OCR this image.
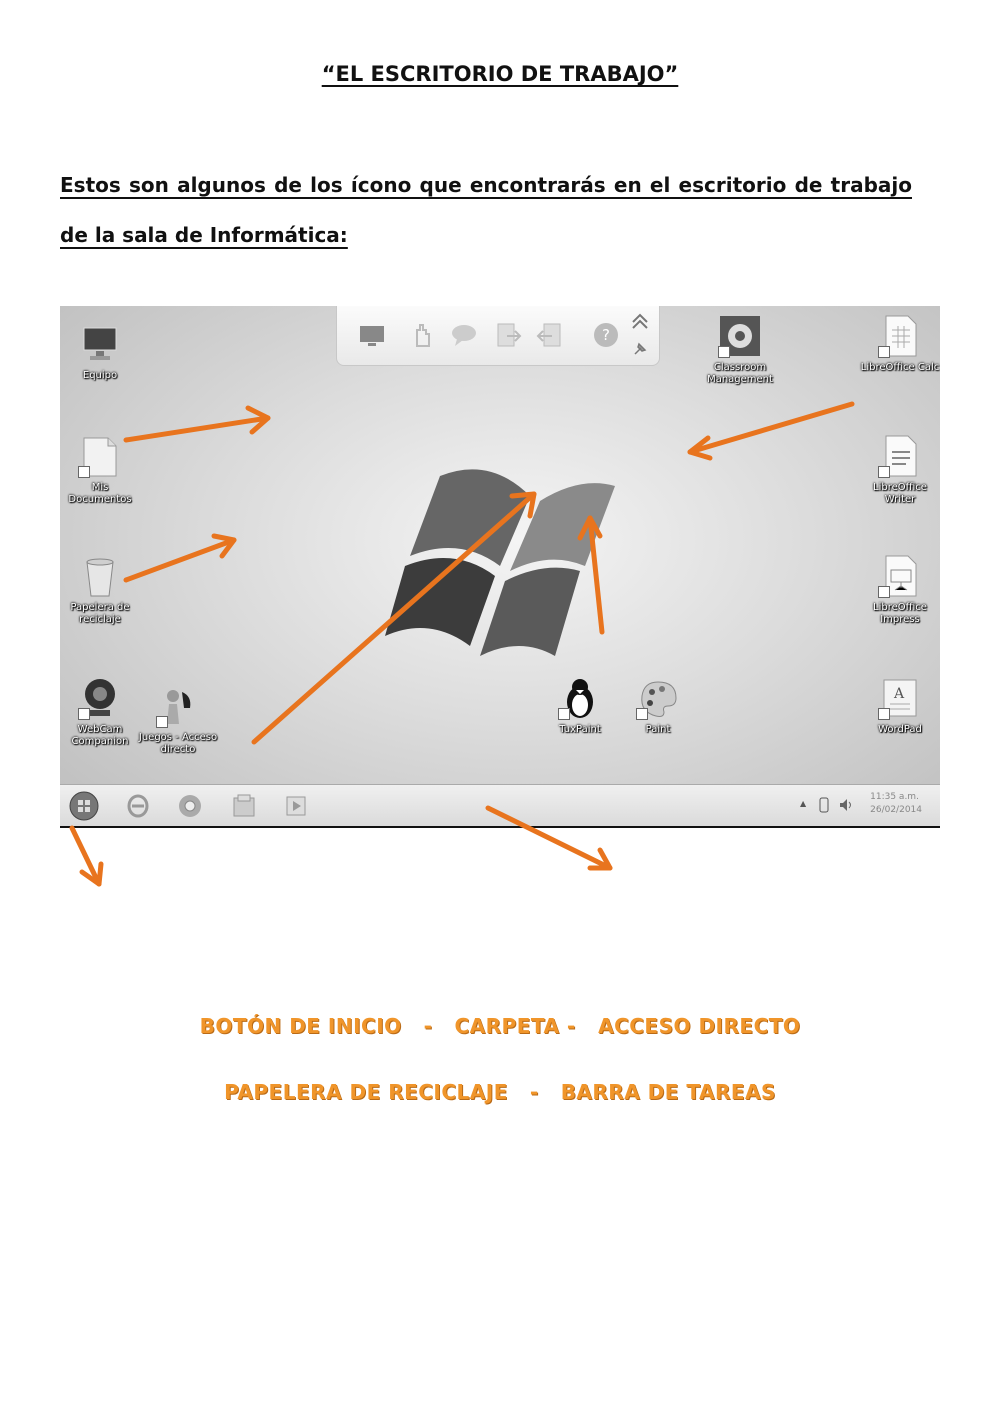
“EL ESCRITORIO DE TRABAJO”
Estos son algunos de los ícono que encontrarás en el escritorio de trabajo de la sala de Informática:
?
Equipo
Mis Documentos
Papelera de reciclaje
WebCam Companion	Juegos - Acceso directo
Classroom Management
LibreOffice Calc
LibreOffice Writer
LibreOffice Impress
A
WordPad
TuxPaint	Paint
▲
11:35 a.m.
26/02/2014
BOTÓN DE INICIO - CARPETA - ACCESO DIRECTO
PAPELERA DE RECICLAJE - BARRA DE TAREAS
